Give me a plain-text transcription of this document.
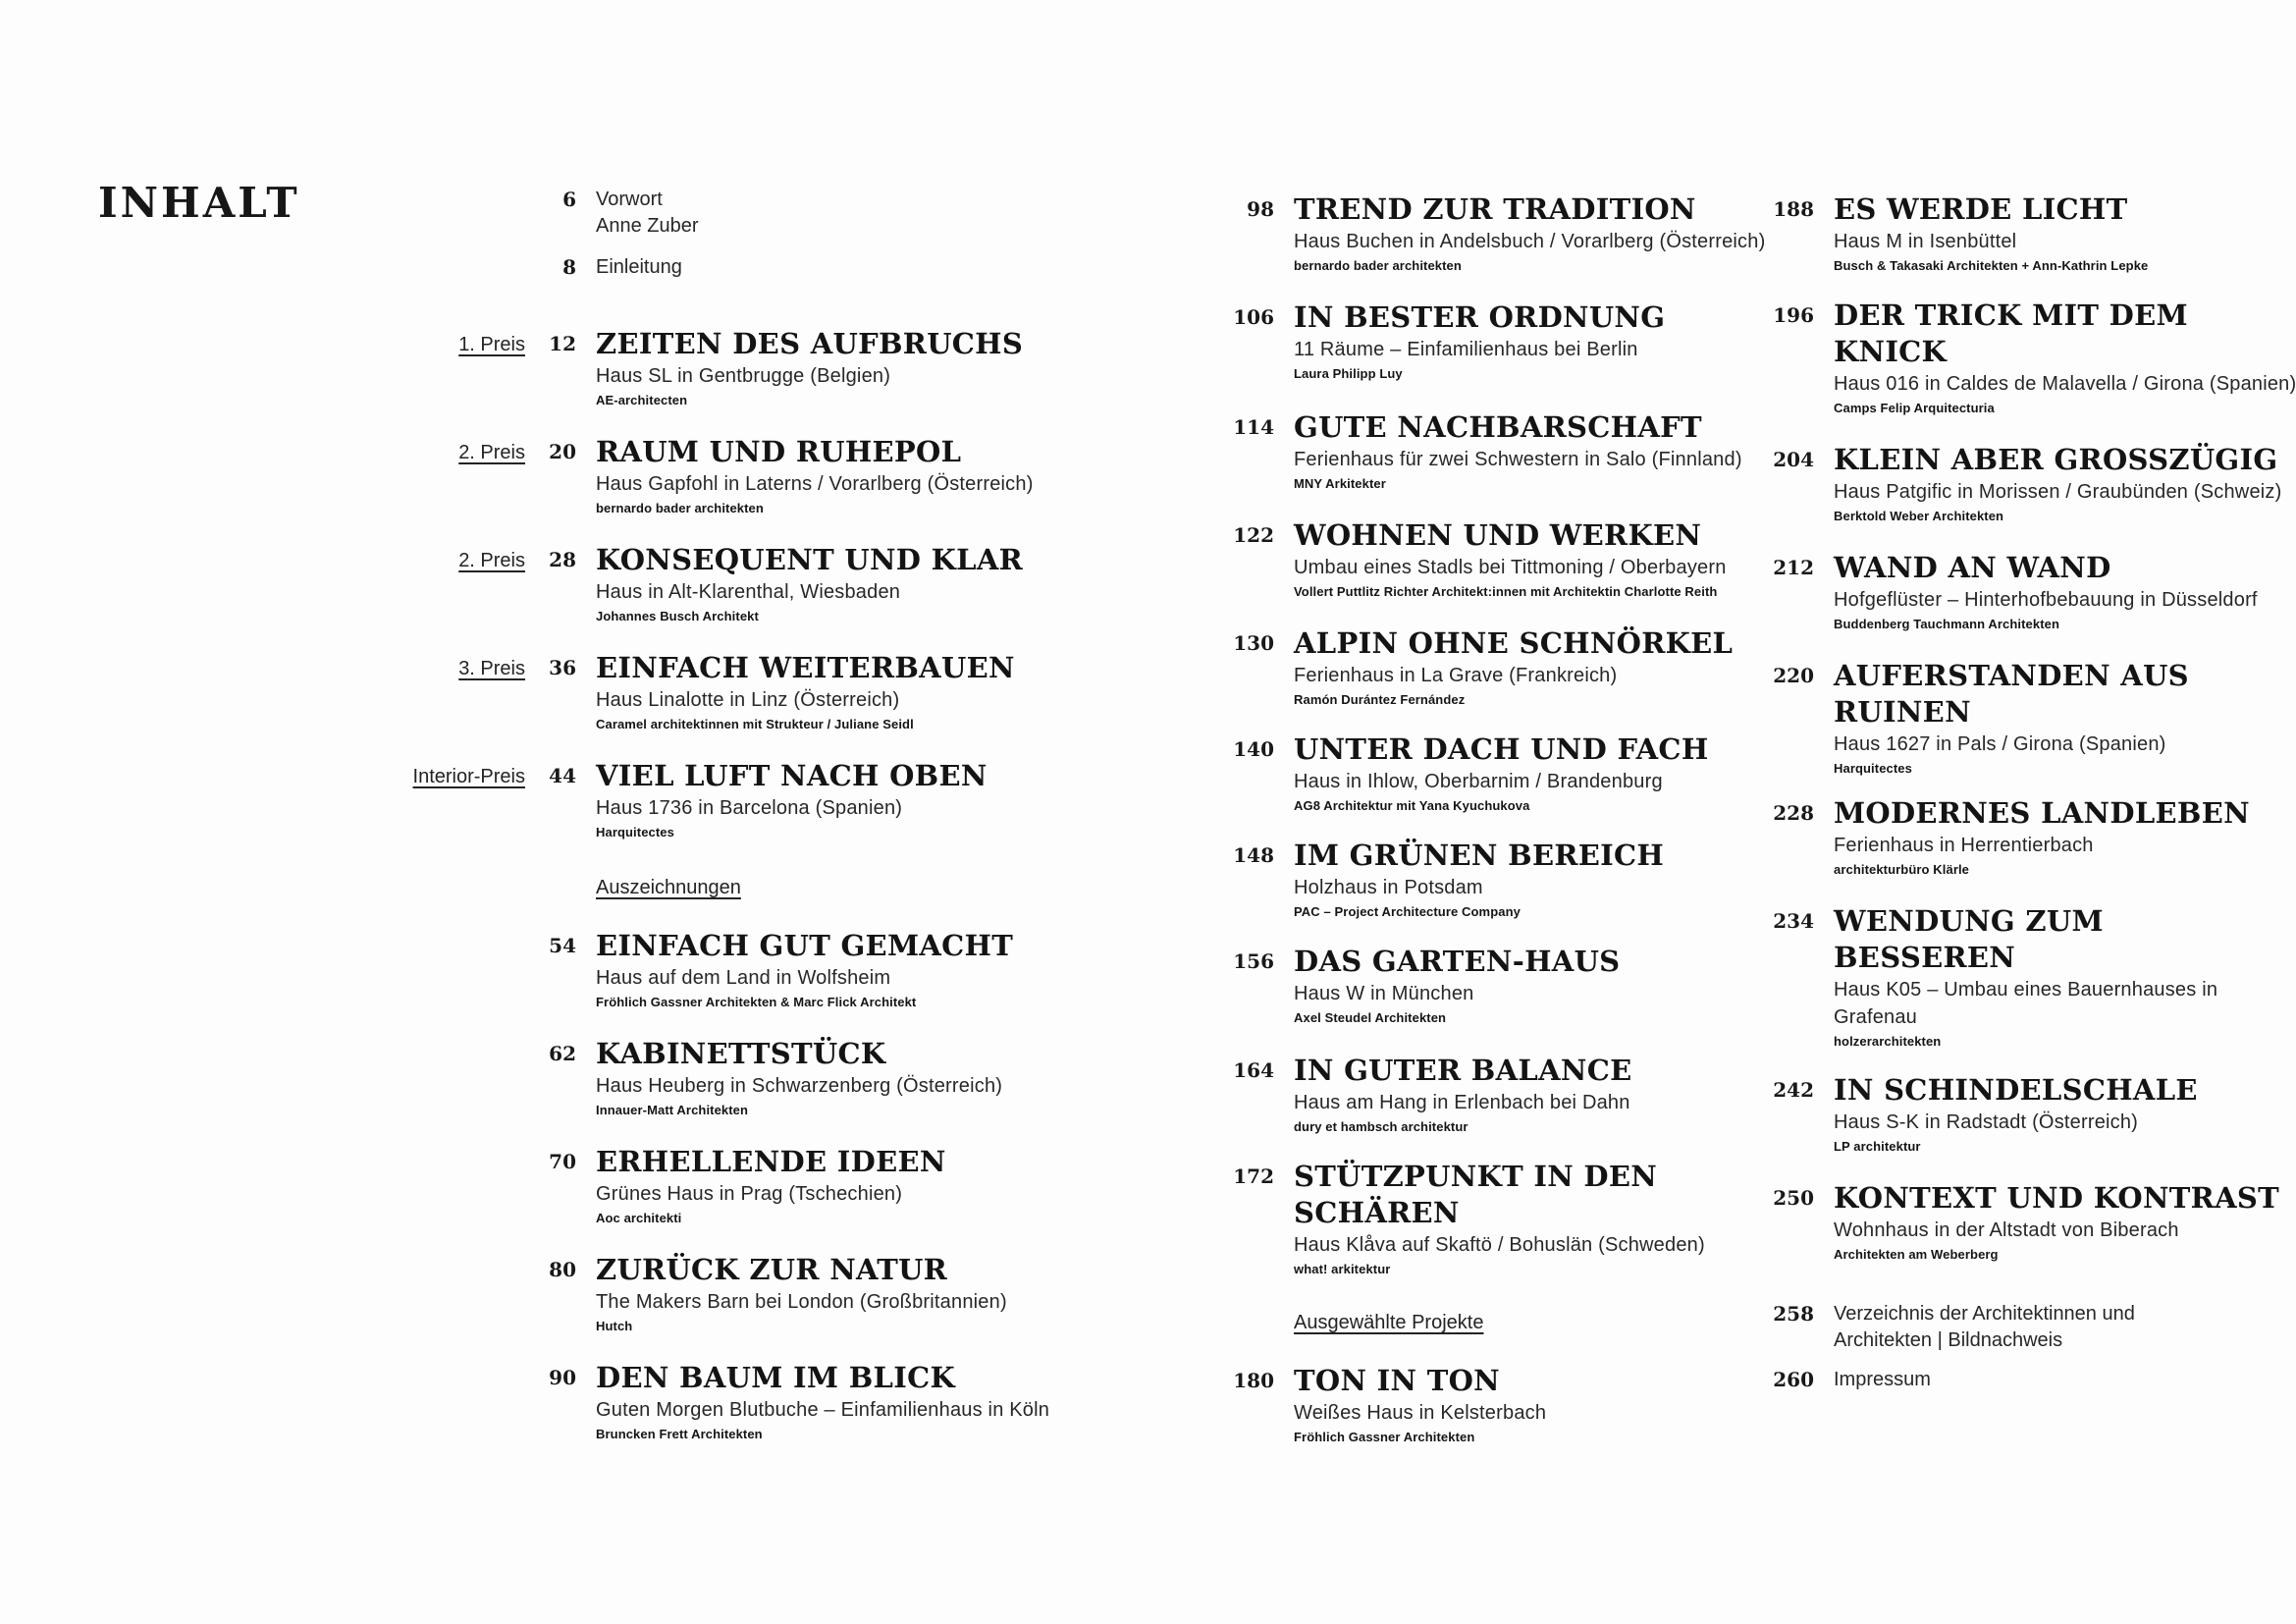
INHALT	6 Vorwort
Anne Zuber
8 Einleitung
1. Preis	12 ZEITEN DES AUFBRUCHS
Haus SL in Gentbrugge (Belgien)
AE-architecten
2. Preis	20 RAUM UND RUHEPOL
Haus Gapfohl in Laterns / Vorarlberg (Österreich)
bernardo bader architekten
2. Preis	28 KONSEQUENT UND KLAR
Haus in Alt-Klarenthal, Wiesbaden
Johannes Busch Architekt
3. Preis	36 EINFACH WEITERBAUEN
Haus Linalotte in Linz (Österreich)
Caramel architektinnen mit Strukteur / Juliane Seidl
Interior-Preis	44 VIEL LUFT NACH OBEN
Haus 1736 in Barcelona (Spanien)
Harquitectes
Auszeichnungen
54 EINFACH GUT GEMACHT
Haus auf dem Land in Wolfsheim
Fröhlich Gassner Architekten & Marc Flick Architekt
62 KABINETTSTÜCK
Haus Heuberg in Schwarzenberg (Österreich)
Innauer-Matt Architekten
70 ERHELLENDE IDEEN
Grünes Haus in Prag (Tschechien)
Aoc architekti
80 ZURÜCK ZUR NATUR
The Makers Barn bei London (Großbritannien)
Hutch
90 DEN BAUM IM BLICK
Guten Morgen Blutbuche – Einfamilienhaus in Köln
Bruncken Frett Architekten
98 TREND ZUR TRADITION
Haus Buchen in Andelsbuch / Vorarlberg (Österreich)
bernardo bader architekten
106 IN BESTER ORDNUNG
11 Räume – Einfamilienhaus bei Berlin
Laura Philipp Luy
114 GUTE NACHBARSCHAFT
Ferienhaus für zwei Schwestern in Salo (Finnland)
MNY Arkitekter
122 WOHNEN UND WERKEN
Umbau eines Stadls bei Tittmoning / Oberbayern
Vollert Puttlitz Richter Architekt:innen mit Architektin Charlotte Reith
130 ALPIN OHNE SCHNÖRKEL
Ferienhaus in La Grave (Frankreich)
Ramón Durántez Fernández
140 UNTER DACH UND FACH
Haus in Ihlow, Oberbarnim / Brandenburg
AG8 Architektur mit Yana Kyuchukova
148 IM GRÜNEN BEREICH
Holzhaus in Potsdam
PAC – Project Architecture Company
156 DAS GARTEN-HAUS
Haus W in München
Axel Steudel Architekten
164 IN GUTER BALANCE
Haus am Hang in Erlenbach bei Dahn
dury et hambsch architektur
172 STÜTZPUNKT IN DEN
SCHÄREN
Haus Klåva auf Skaftö / Bohuslän (Schweden)
what! arkitektur
Ausgewählte Projekte
180 TON IN TON
Weißes Haus in Kelsterbach
Fröhlich Gassner Architekten
188 ES WERDE LICHT
Haus M in Isenbüttel
Busch & Takasaki Architekten + Ann-Kathrin Lepke
196 DER TRICK MIT DEM
KNICK
Haus 016 in Caldes de Malavella / Girona (Spanien)
Camps Felip Arquitecturia
204 KLEIN ABER GROSSZÜGIG
Haus Patgific in Morissen / Graubünden (Schweiz)
Berktold Weber Architekten
212 WAND AN WAND
Hofgeflüster – Hinterhofbebauung in Düsseldorf
Buddenberg Tauchmann Architekten
220 AUFERSTANDEN AUS
RUINEN
Haus 1627 in Pals / Girona (Spanien)
Harquitectes
228 MODERNES LANDLEBEN
Ferienhaus in Herrentierbach
architekturbüro Klärle
234 WENDUNG ZUM
BESSEREN
Haus K05 – Umbau eines Bauernhauses in
Grafenau
holzerarchitekten
242 IN SCHINDELSCHALE
Haus S-K in Radstadt (Österreich)
LP architektur
250 KONTEXT UND KONTRAST
Wohnhaus in der Altstadt von Biberach
Architekten am Weberberg
258 Verzeichnis der Architektinnen und
Architekten | Bildnachweis
260 Impressum
